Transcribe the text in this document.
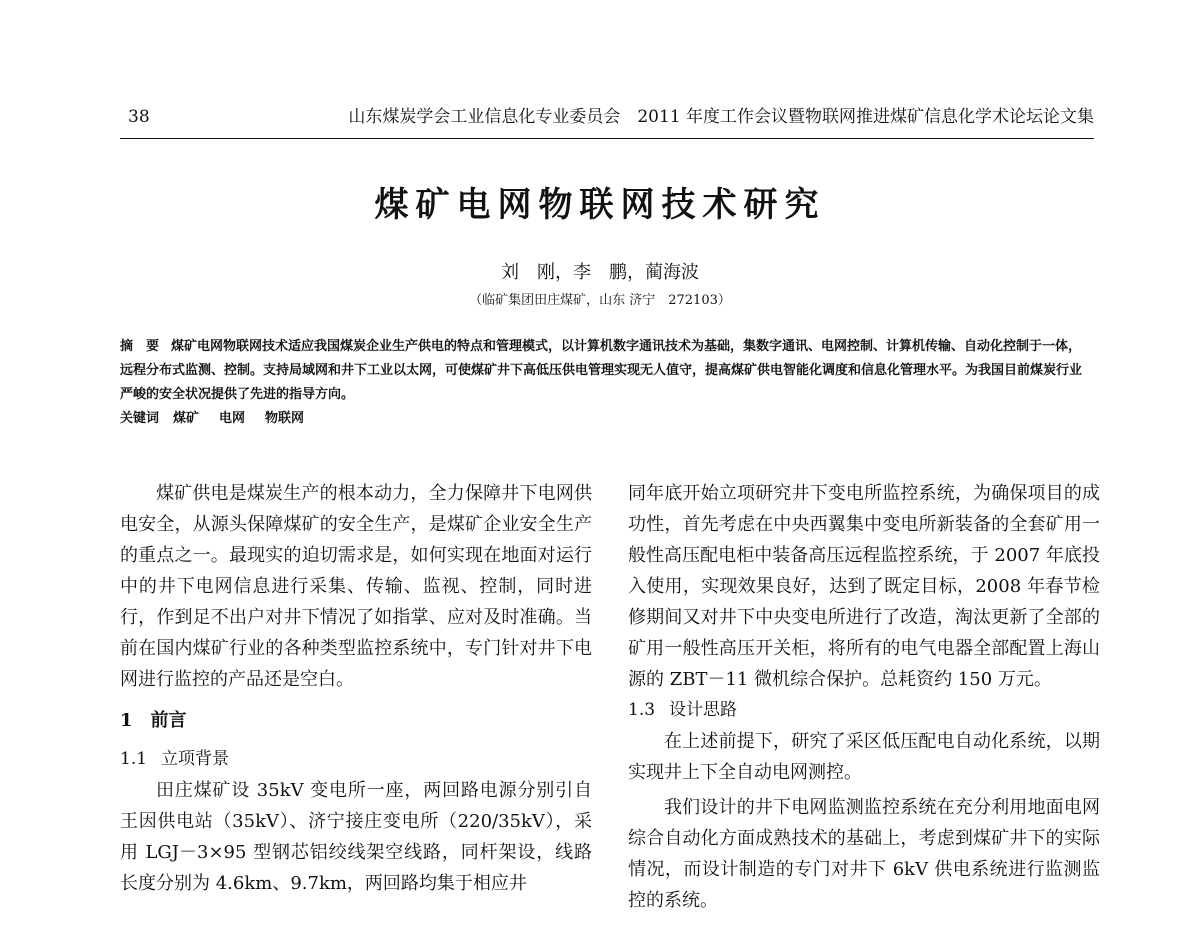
38	山东煤炭学会工业信息化专业委员会　2011 年度工作会议暨物联网推进煤矿信息化学术论坛论文集
煤矿电网物联网技术研究
刘　刚，李　鹏，蔺海波
（临矿集团田庄煤矿，山东 济宁　272103）

摘　要 煤矿电网物联网技术适应我国煤炭企业生产供电的特点和管理模式，以计算机数字通讯技术为基础，集数字通讯、电网控制、计算机传输、自动化控制于一体，远程分布式监测、控制。支持局域网和井下工业以太网，可使煤矿井下高低压供电管理实现无人值守，提高煤矿供电智能化调度和信息化管理水平。为我国目前煤炭行业严峻的安全状况提供了先进的指导方向。

关键词 煤矿 电网 物联网

煤矿供电是煤炭生产的根本动力，全力保障井下电网供电安全，从源头保障煤矿的安全生产，是煤矿企业安全生产的重点之一。最现实的迫切需求是，如何实现在地面对运行中的井下电网信息进行采集、传输、监视、控制，同时进行，作到足不出户对井下情况了如指掌、应对及时准确。当前在国内煤矿行业的各种类型监控系统中，专门针对井下电网进行监控的产品还是空白。

1　前言

1.1 立项背景

田庄煤矿设 35kV 变电所一座，两回路电源分别引自王因供电站（35kV）、济宁接庄变电所（220/35kV），采用 LGJ－3×95 型钢芯铝绞线架空线路，同杆架设，线路长度分别为 4.6km、9.7km，两回路均集于相应井

同年底开始立项研究井下变电所监控系统，为确保项目的成功性，首先考虑在中央西翼集中变电所新装备的全套矿用一般性高压配电柜中装备高压远程监控系统，于 2007 年底投入使用，实现效果良好，达到了既定目标，2008 年春节检修期间又对井下中央变电所进行了改造，淘汰更新了全部的矿用一般性高压开关柜，将所有的电气电器全部配置上海山源的 ZBT－11 微机综合保护。总耗资约 150 万元。

1.3 设计思路

在上述前提下，研究了采区低压配电自动化系统，以期实现井上下全自动电网测控。

我们设计的井下电网监测监控系统在充分利用地面电网综合自动化方面成熟技术的基础上，考虑到煤矿井下的实际情况，而设计制造的专门对井下 6kV 供电系统进行监测监控的系统。
